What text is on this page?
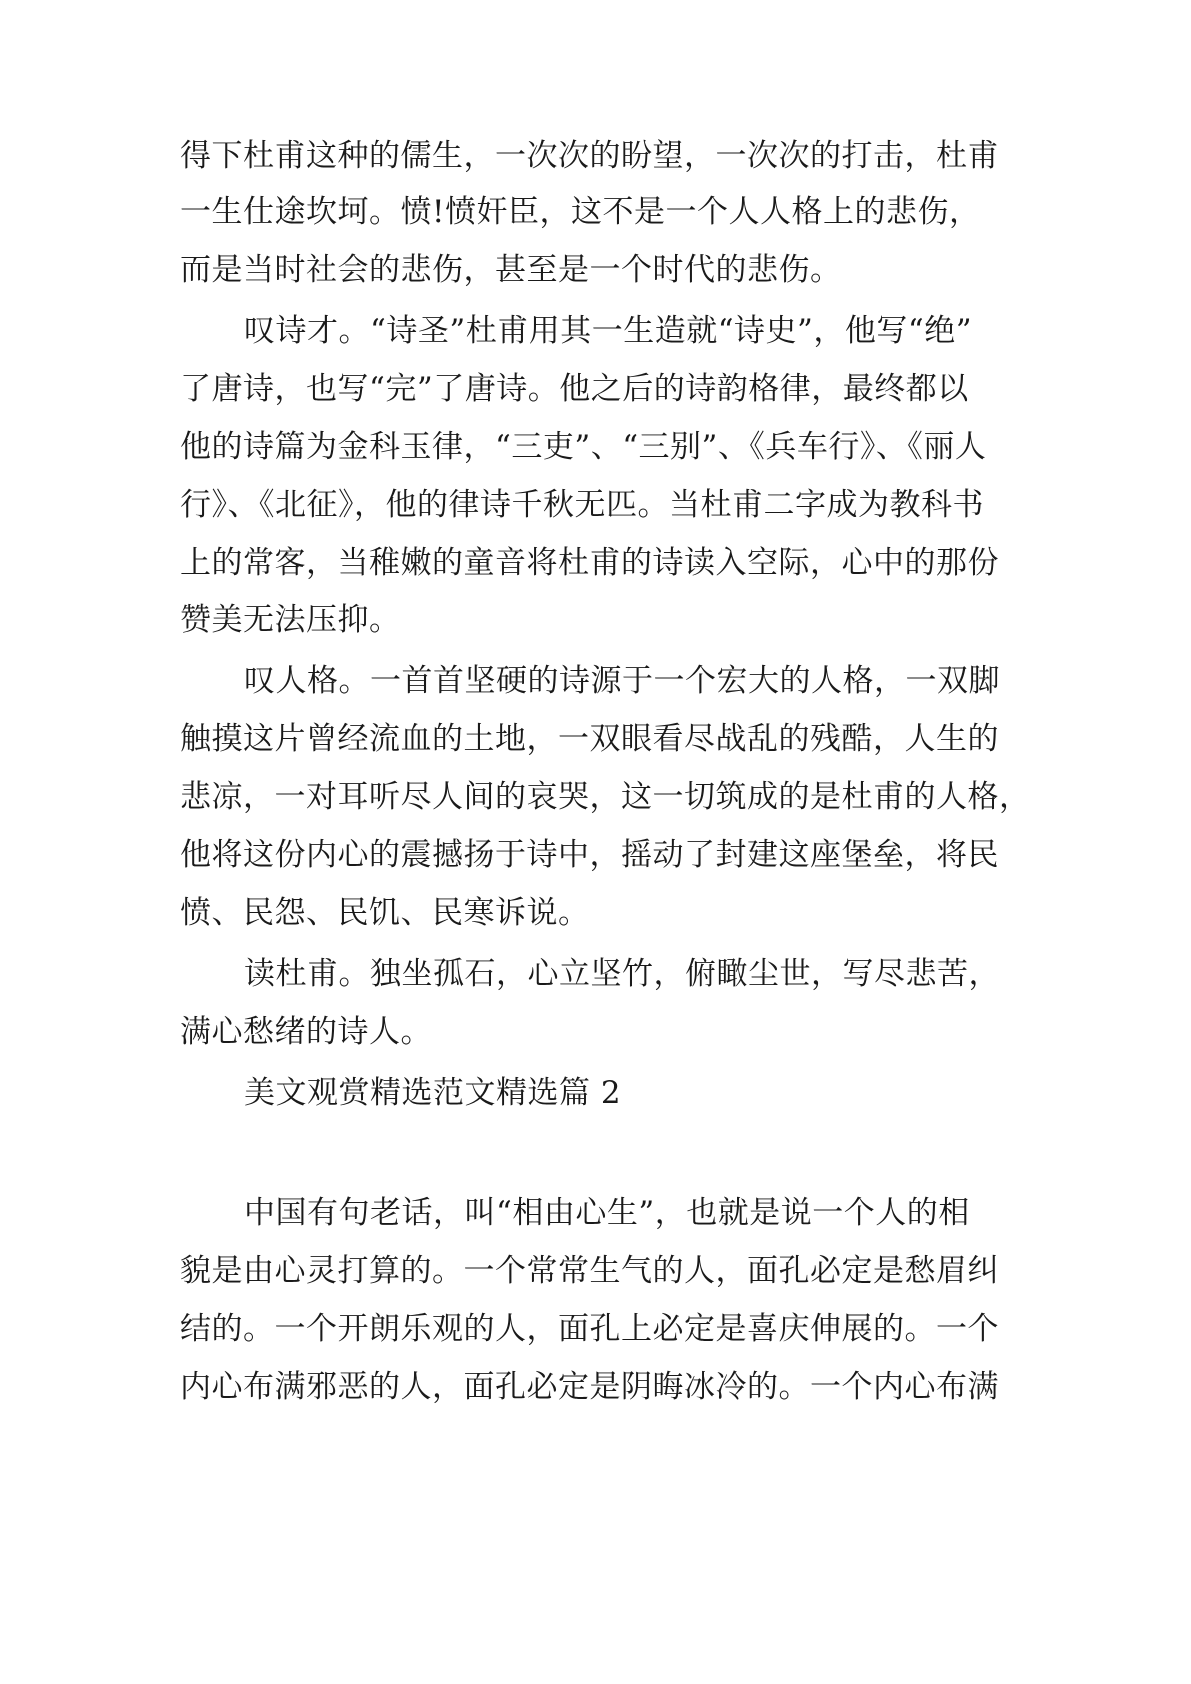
得下杜甫这种的儒生，一次次的盼望，一次次的打击，杜甫
一生仕途坎坷。愤!愤奸臣，这不是一个人人格上的悲伤，
而是当时社会的悲伤，甚至是一个时代的悲伤。
叹诗才。“诗圣”杜甫用其一生造就“诗史”，他写“绝”
了唐诗，也写“完”了唐诗。他之后的诗韵格律，最终都以
他的诗篇为金科玉律，“三吏”、“三别”、《兵车行》、《丽人
行》、《北征》，他的律诗千秋无匹。当杜甫二字成为教科书
上的常客，当稚嫩的童音将杜甫的诗读入空际，心中的那份
赞美无法压抑。
叹人格。一首首坚硬的诗源于一个宏大的人格，一双脚
触摸这片曾经流血的土地，一双眼看尽战乱的残酷，人生的
悲凉，一对耳听尽人间的哀哭，这一切筑成的是杜甫的人格，
他将这份内心的震撼扬于诗中，摇动了封建这座堡垒，将民
愤、民怨、民饥、民寒诉说。
读杜甫。独坐孤石，心立坚竹，俯瞰尘世，写尽悲苦，
满心愁绪的诗人。
美文观赏精选范文精选篇 2
中国有句老话，叫“相由心生”，也就是说一个人的相
貌是由心灵打算的。一个常常生气的人，面孔必定是愁眉纠
结的。一个开朗乐观的人，面孔上必定是喜庆伸展的。一个
内心布满邪恶的人，面孔必定是阴晦冰冷的。一个内心布满
